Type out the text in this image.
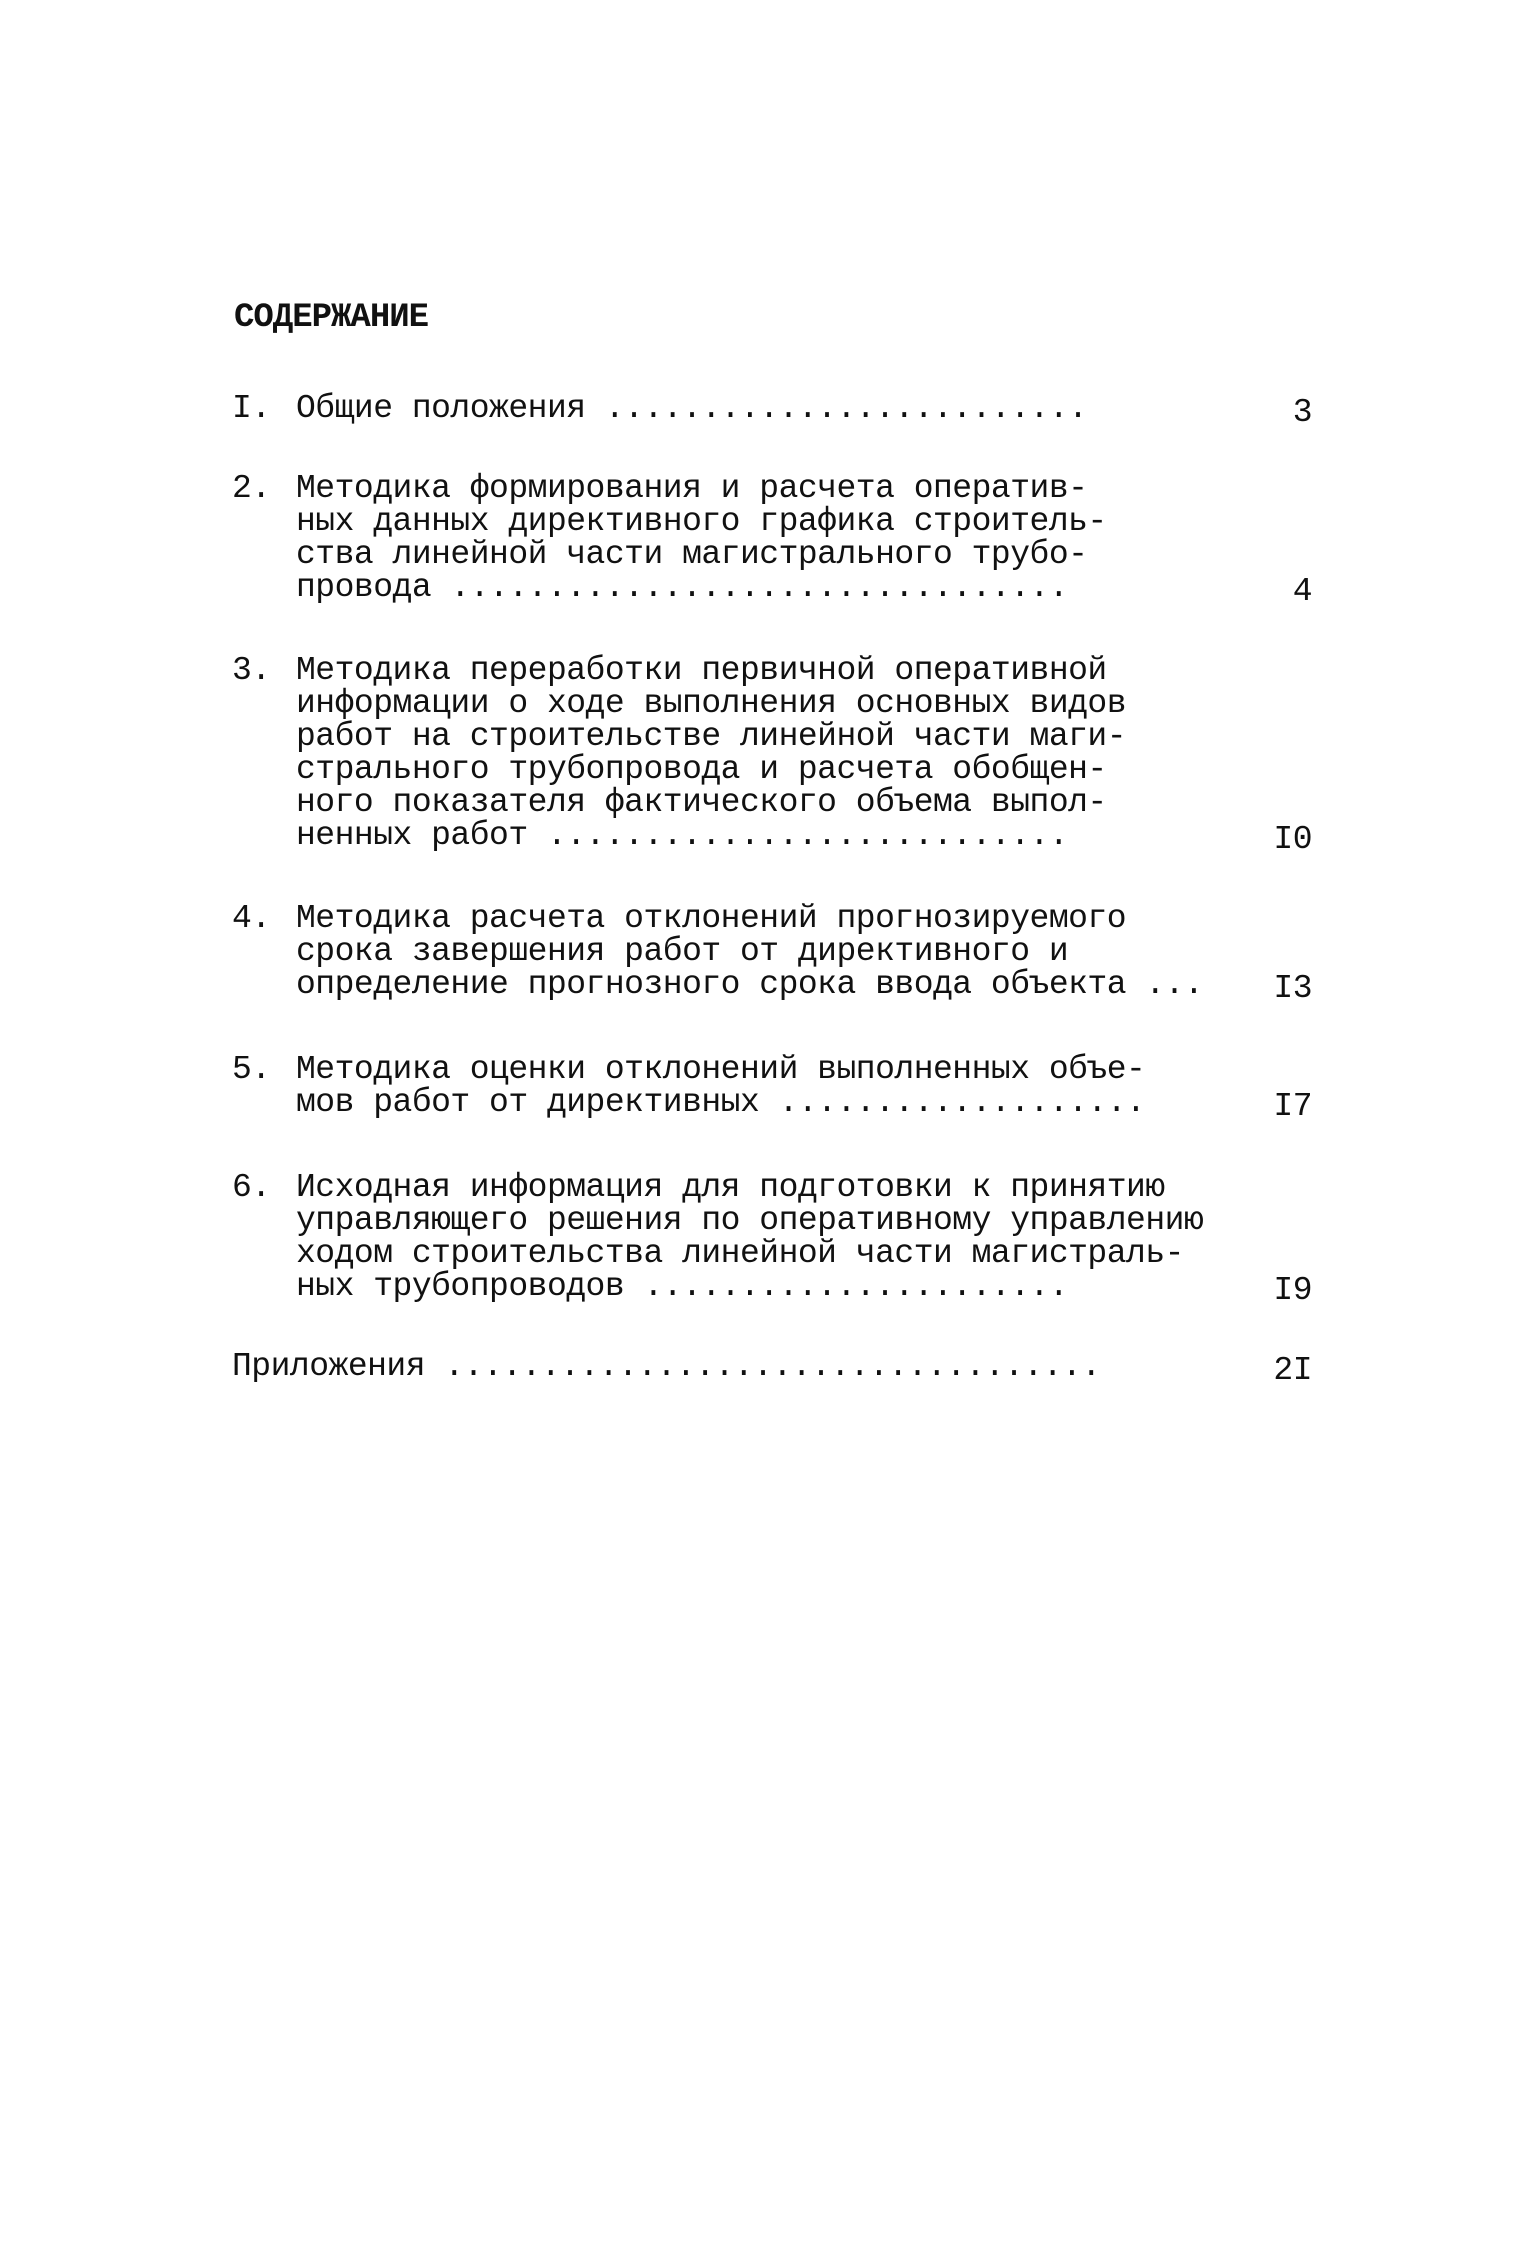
СОДЕРЖАНИЕ
I. Общие положения .........................	3
2. Методика формирования и расчета оператив-
ных данных директивного графика строитель-
ства линейной части магистрального трубо-
провода ................................	4
3. Методика переработки первичной оперативной
информации о ходе выполнения основных видов
работ на строительстве линейной части маги-
стрального трубопровода и расчета обобщен-
ного показателя фактического объема выпол-
ненных работ ...........................	I0
4. Методика расчета отклонений прогнозируемого
срока завершения работ от директивного и
определение прогнозного срока ввода объекта ...	I3
5. Методика оценки отклонений выполненных объе-
мов работ от директивных ...................	I7
6. Исходная информация для подготовки к принятию
управляющего решения по оперативному управлению
ходом строительства линейной части магистраль-
ных трубопроводов ......................	I9
Приложения ..................................	2I
